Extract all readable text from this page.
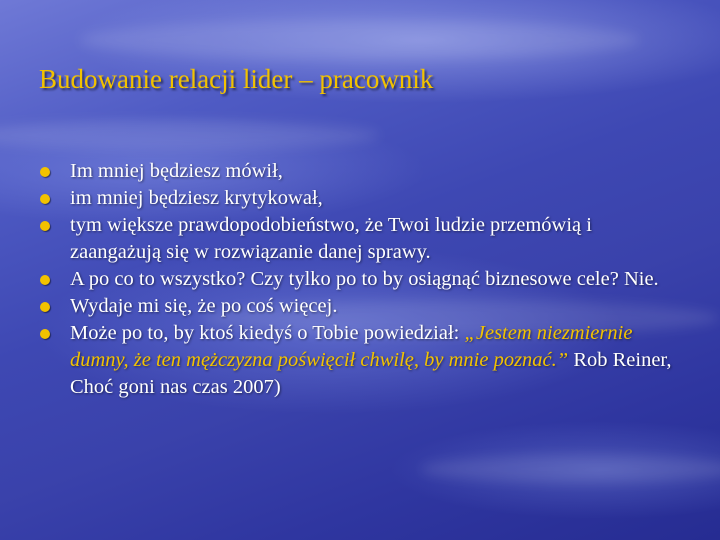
Budowanie relacji lider – pracownik
Im mniej będziesz mówił,
im mniej będziesz krytykował,
tym większe prawdopodobieństwo, że Twoi ludzie przemówią i zaangażują się w rozwiązanie danej sprawy.
A po co to wszystko? Czy tylko po to by osiągnąć biznesowe cele? Nie.
Wydaje mi się, że po coś więcej.
Może po to, by ktoś kiedyś o Tobie powiedział: „Jestem niezmiernie dumny, że ten mężczyzna poświęcił chwilę, by mnie poznać.” Rob Reiner, Choć goni nas czas 2007)
